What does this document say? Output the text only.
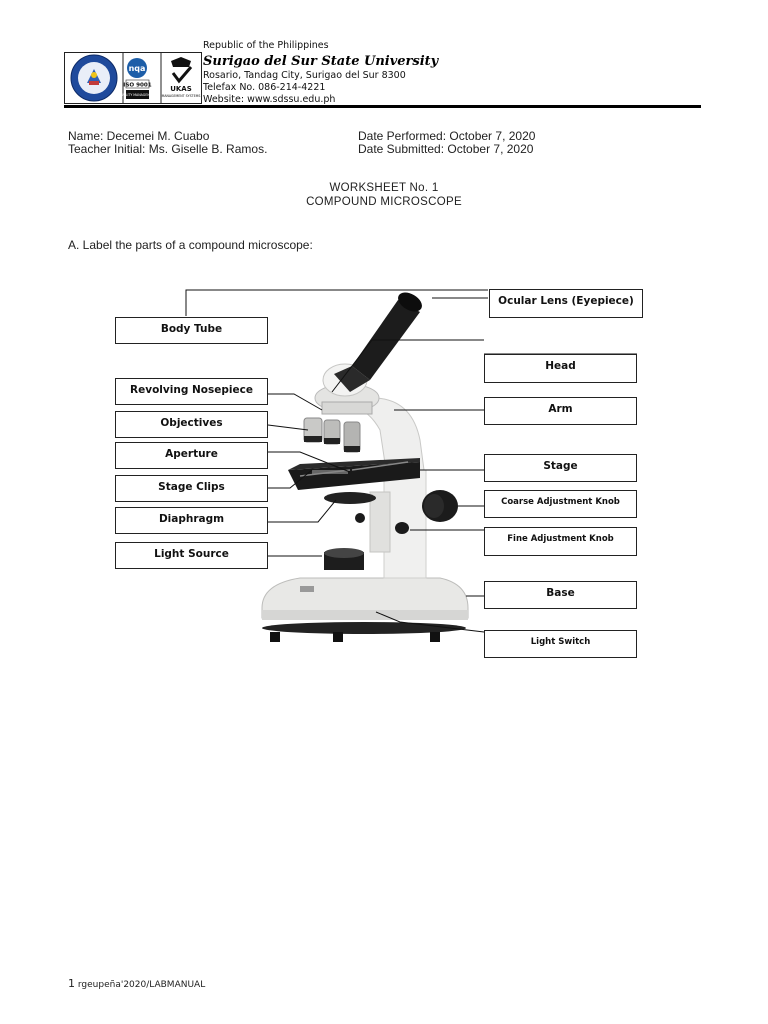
nqa
ISO 9001
QUALITY MANAGEMENT
UKAS
MANAGEMENT SYSTEMS
Republic of the Philippines
Surigao del Sur State University
Rosario, Tandag City, Surigao del Sur 8300
Telefax No. 086-214-4221
Website: www.sdssu.edu.ph
Name: Decemei M. Cuabo
Teacher Initial: Ms. Giselle B. Ramos.
Date Performed: October 7, 2020
Date Submitted: October 7, 2020
WORKSHEET No. 1
COMPOUND MICROSCOPE
A. Label the parts of a compound microscope:
Body Tube
Revolving Nosepiece
Objectives
Aperture
Stage Clips
Diaphragm
Light Source
Ocular Lens (Eyepiece)
Head
Arm
Stage
Coarse Adjustment Knob
Fine Adjustment Knob
Base
Light Switch
1 rgeupeña'2020/LABMANUAL
